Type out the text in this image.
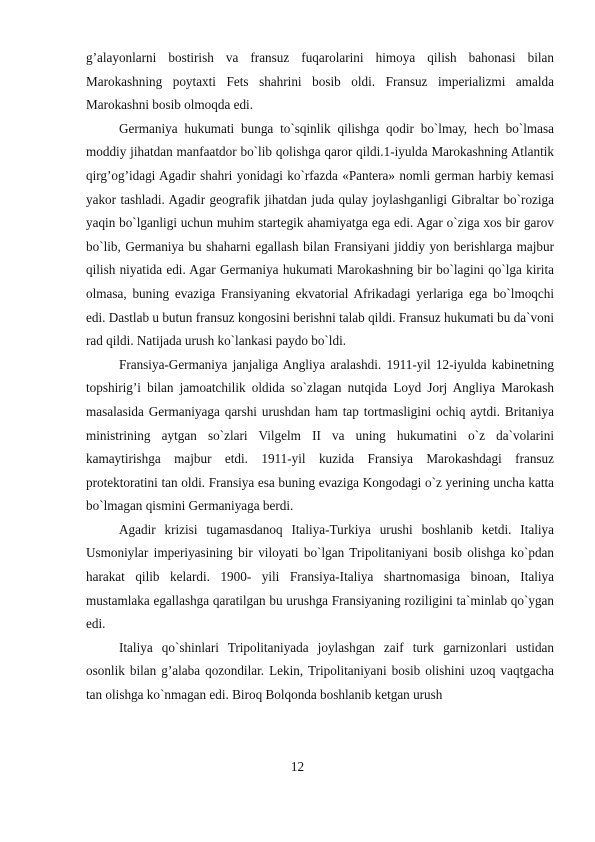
g’alayonlarni bostirish va fransuz fuqarolarini himoya qilish bahonasi bilan Marokashning poytaxti Fets shahrini bosib oldi. Fransuz imperializmi amalda Marokashni bosib olmoqda edi.

Germaniya hukumati bunga to`sqinlik qilishga qodir bo`lmay, hech bo`lmasa moddiy jihatdan manfaatdor bo`lib qolishga qaror qildi.1-iyulda Marokashning Atlantik qirg’og’idagi Agadir shahri yonidagi ko`rfazda «Pantera» nomli german harbiy kemasi yakor tashladi. Agadir geografik jihatdan juda qulay joylashganligi Gibraltar bo`roziga yaqin bo`lganligi uchun muhim startegik ahamiyatga ega edi. Agar o`ziga xos bir garov bo`lib, Germaniya bu shaharni egallash bilan Fransiyani jiddiy yon berishlarga majbur qilish niyatida edi. Agar Germaniya hukumati Marokashning bir bo`lagini qo`lga kirita olmasa, buning evaziga Fransiyaning ekvatorial Afrikadagi yerlariga ega bo`lmoqchi edi. Dastlab u butun fransuz kongosini berishni talab qildi. Fransuz hukumati bu da`voni rad qildi. Natijada urush ko`lankasi paydo bo`ldi.

Fransiya-Germaniya janjaliga Angliya aralashdi. 1911-yil 12-iyulda kabinetning topshirig’i bilan jamoatchilik oldida so`zlagan nutqida Loyd Jorj Angliya Marokash masalasida Germaniyaga qarshi urushdan ham tap tortmasligini ochiq aytdi. Britaniya ministrining aytgan so`zlari Vilgelm II va uning hukumatini o`z da`volarini kamaytirishga majbur etdi. 1911-yil kuzida Fransiya Marokashdagi fransuz protektoratini tan oldi. Fransiya esa buning evaziga Kongodagi o`z yerining uncha katta bo`lmagan qismini Germaniyaga berdi.

Agadir krizisi tugamasdanoq Italiya-Turkiya urushi boshlanib ketdi. Italiya Usmoniylar imperiyasining bir viloyati bo`lgan Tripolitaniyani bosib olishga ko`pdan harakat qilib kelardi. 1900- yili Fransiya-Italiya shartnomasiga binoan, Italiya mustamlaka egallashga qaratilgan bu urushga Fransiyaning roziligini ta`minlab qo`ygan edi.

Italiya qo`shinlari Tripolitaniyada joylashgan zaif turk garnizonlari ustidan osonlik bilan g’alaba qozondilar. Lekin, Tripolitaniyani bosib olishini uzoq vaqtgacha tan olishga ko`nmagan edi. Biroq Bolqonda boshlanib ketgan urush

12
